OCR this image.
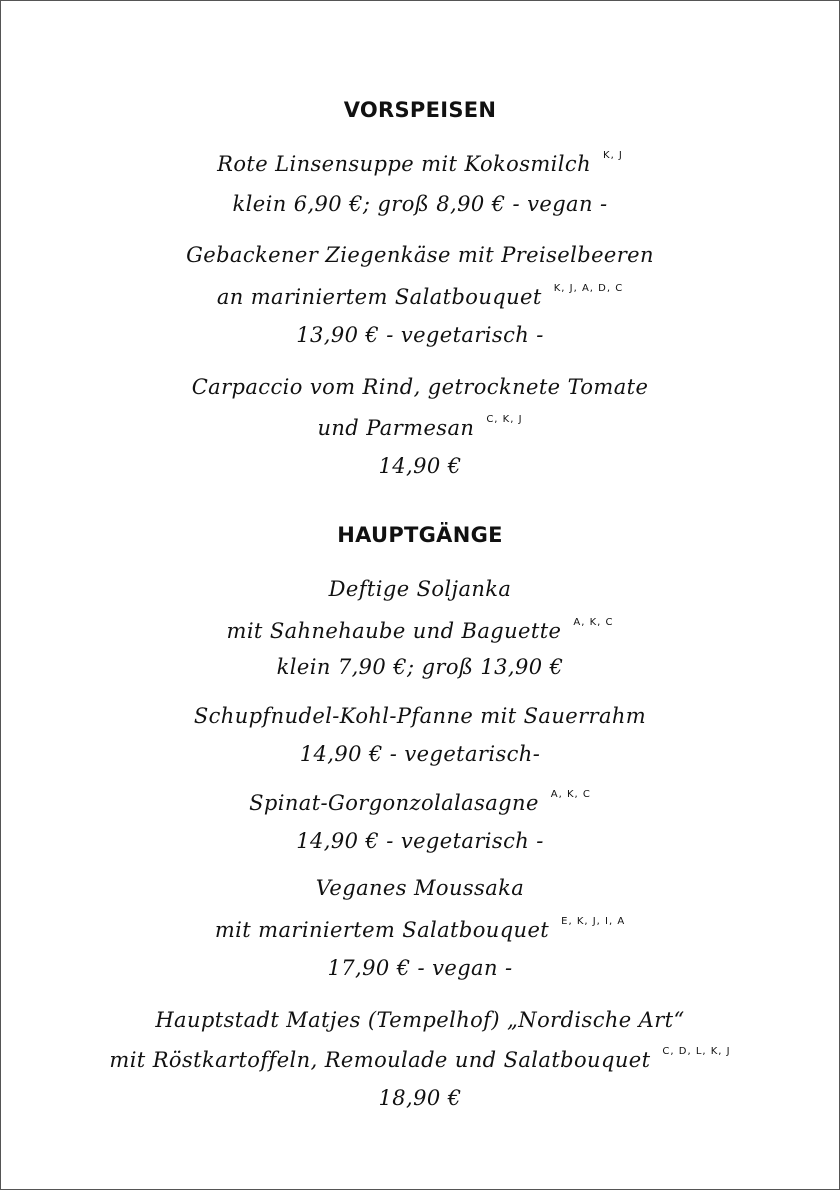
VORSPEISEN
Rote Linsensuppe mit Kokosmilch $^{K, J}$
klein 6,90 €; groß 8,90 € - vegan -
Gebackener Ziegenkäse mit Preiselbeeren
an mariniertem Salatbouquet $^{K, J, A, D, C}$
13,90 € - vegetarisch -
Carpaccio vom Rind, getrocknete Tomate
und Parmesan $^{C, K, J}$
14,90 €
HAUPTGÄNGE
Deftige Soljanka
mit Sahnehaube und Baguette $^{A, K, C}$
klein 7,90 €; groß 13,90 €
Schupfnudel-Kohl-Pfanne mit Sauerrahm
14,90 € - vegetarisch-
Spinat-Gorgonzolalasagne $^{A, K, C}$
14,90 € - vegetarisch -
Veganes Moussaka
mit mariniertem Salatbouquet $^{E, K, J, I, A}$
17,90 € - vegan -
Hauptstadt Matjes (Tempelhof) „Nordische Art“
mit Röstkartoffeln, Remoulade und Salatbouquet $^{C, D, L, K, J}$
18,90 €
